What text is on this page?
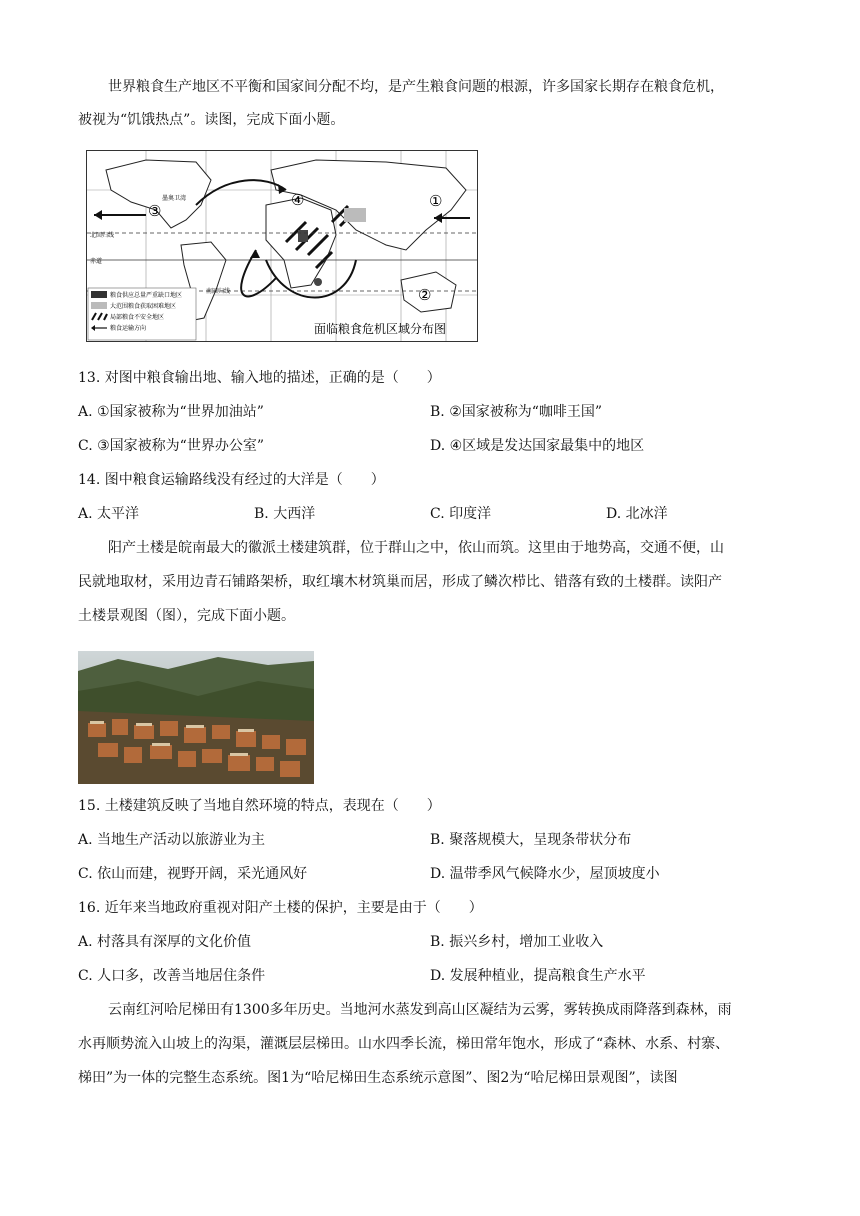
世界粮食生产地区不平衡和国家间分配不均，是产生粮食问题的根源，许多国家长期存在粮食危机，
被视为“饥饿热点”。读图，完成下面小题。
北回归线
赤道
南回归线
墨奥卫湾
③
④	①
②
粮食供应总量严重缺口地区
大范围粮食获取困难地区
局部粮食不安全地区
粮食运输方向	面临粮食危机区域分布图
13. 对图中粮食输出地、输入地的描述，正确的是（　　）
A. ①国家被称为“世界加油站”	B. ②国家被称为“咖啡王国”
C. ③国家被称为“世界办公室”	D. ④区域是发达国家最集中的地区
14. 图中粮食运输路线没有经过的大洋是（　　）
A. 太平洋	B. 大西洋	C. 印度洋	D. 北冰洋
阳产土楼是皖南最大的徽派土楼建筑群，位于群山之中，依山而筑。这里由于地势高，交通不便，山
民就地取材，采用边青石铺路架桥，取红壤木材筑巢而居，形成了鳞次栉比、错落有致的土楼群。读阳产
土楼景观图（图），完成下面小题。
15. 土楼建筑反映了当地自然环境的特点，表现在（　　）
A. 当地生产活动以旅游业为主	B. 聚落规模大，呈现条带状分布
C. 依山而建，视野开阔，采光通风好	D. 温带季风气候降水少，屋顶坡度小
16. 近年来当地政府重视对阳产土楼的保护，主要是由于（　　）
A. 村落具有深厚的文化价值	B. 振兴乡村，增加工业收入
C. 人口多，改善当地居住条件	D. 发展种植业，提高粮食生产水平
云南红河哈尼梯田有1300多年历史。当地河水蒸发到高山区凝结为云雾，雾转换成雨降落到森林，雨
水再顺势流入山坡上的沟渠，灌溉层层梯田。山水四季长流，梯田常年饱水，形成了“森林、水系、村寨、
梯田”为一体的完整生态系统。图1为“哈尼梯田生态系统示意图”、图2为“哈尼梯田景观图”，读图
